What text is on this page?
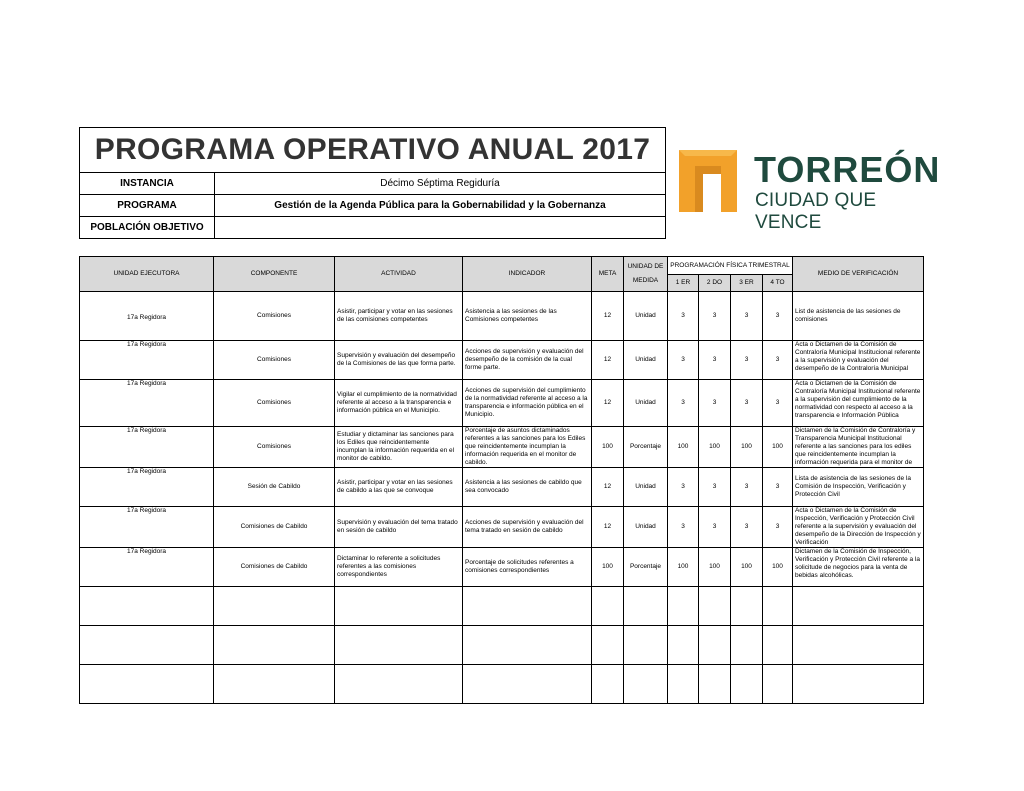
PROGRAMA OPERATIVO ANUAL 2017	
INSTANCIA	Décimo Séptima Regiduría
PROGRAMA	Gestión de la Agenda Pública para la Gobernabilidad y la Gobernanza
POBLACIÓN OBJETIVO	
TORREÓN
CIUDAD QUE VENCE
UNIDAD EJECUTORA	COMPONENTE	ACTIVIDAD	INDICADOR	META	UNIDAD DE
MEDIDA	PROGRAMACIÓN FÍSICA TRIMESTRAL				MEDIO DE VERIFICACIÓN
						1 ER	2 DO	3 ER	4 TO	
17a Regidora	Comisiones	Asistir, participar y votar en las sesiones de las comisiones competentes	Asistencia a las sesiones de las Comisiones competentes	12	Unidad	3	3	3	3	List de asistencia de las sesiones de comisiones
17a Regidora	Comisiones	Supervisión y evaluación del desempeño de la Comisiones de las que forma parte.	Acciones de supervisión y evaluación del desempeño de la comisión de la cual forme parte.	12	Unidad	3	3	3	3	Acta o Dictamen de la Comisión de Contraloría Municipal Institucional referente a la supervisión y evaluación del desempeño de la Contraloría Municipal
17a Regidora	Comisiones	Vigilar el cumplimiento de la normatividad referente al acceso a la transparencia e información pública en el Municipio.	Acciones de supervisión del cumplimiento de la normatividad referente al acceso a la transparencia e información pública en el Municipio.	12	Unidad	3	3	3	3	Acta o Dictamen de la Comisión de Contraloría Municipal Institucional referente a la supervisión del cumplimiento de la normatividad con respecto al acceso a la transparencia e Información Pública
17a Regidora	Comisiones	Estudiar y dictaminar las sanciones para los Ediles que reincidentemente incumplan la información requerida en el monitor de cabildo.	Porcentaje de asuntos dictaminados referentes a las sanciones para los Ediles que reincidentemente incumplan la información requerida en el monitor de cabildo.	100	Porcentaje	100	100	100	100	Dictamen de la Comisión de Contraloría y Transparencia Municipal Institucional referente a las sanciones para los ediles que reincidentemente incumplan la información requerida para el monitor de

17a Regidora	Sesión de Cabildo	Asistir, participar y votar en las sesiones de cabildo a las que se convoque	Asistencia a las sesiones de cabildo que sea convocado	12	Unidad	3	3	3	3	Lista de asistencia de las sesiones de la Comisión de Inspección, Verificación y Protección Civil
17a Regidora	Comisiones de Cabildo	Supervisión y evaluación del tema tratado en sesión de cabildo	Acciones de supervisión y evaluación del tema tratado en sesión de cabildo	12	Unidad	3	3	3	3	Acta o Dictamen de la Comisión de Inspección, Verificación y Protección Civil referente a la supervisión y evaluación del desempeño de la Dirección de Inspección y Verificación
17a Regidora	Comisiones de Cabildo	Dictaminar lo referente a solicitudes referentes a las comisiones correspondientes	Porcentaje de solicitudes referentes a comisiones correspondientes	100	Porcentaje	100	100	100	100	Dictamen de la Comisión de Inspección, Verificación y Protección Civil referente a la solicitude de negocios para la venta de bebidas alcohólicas.
